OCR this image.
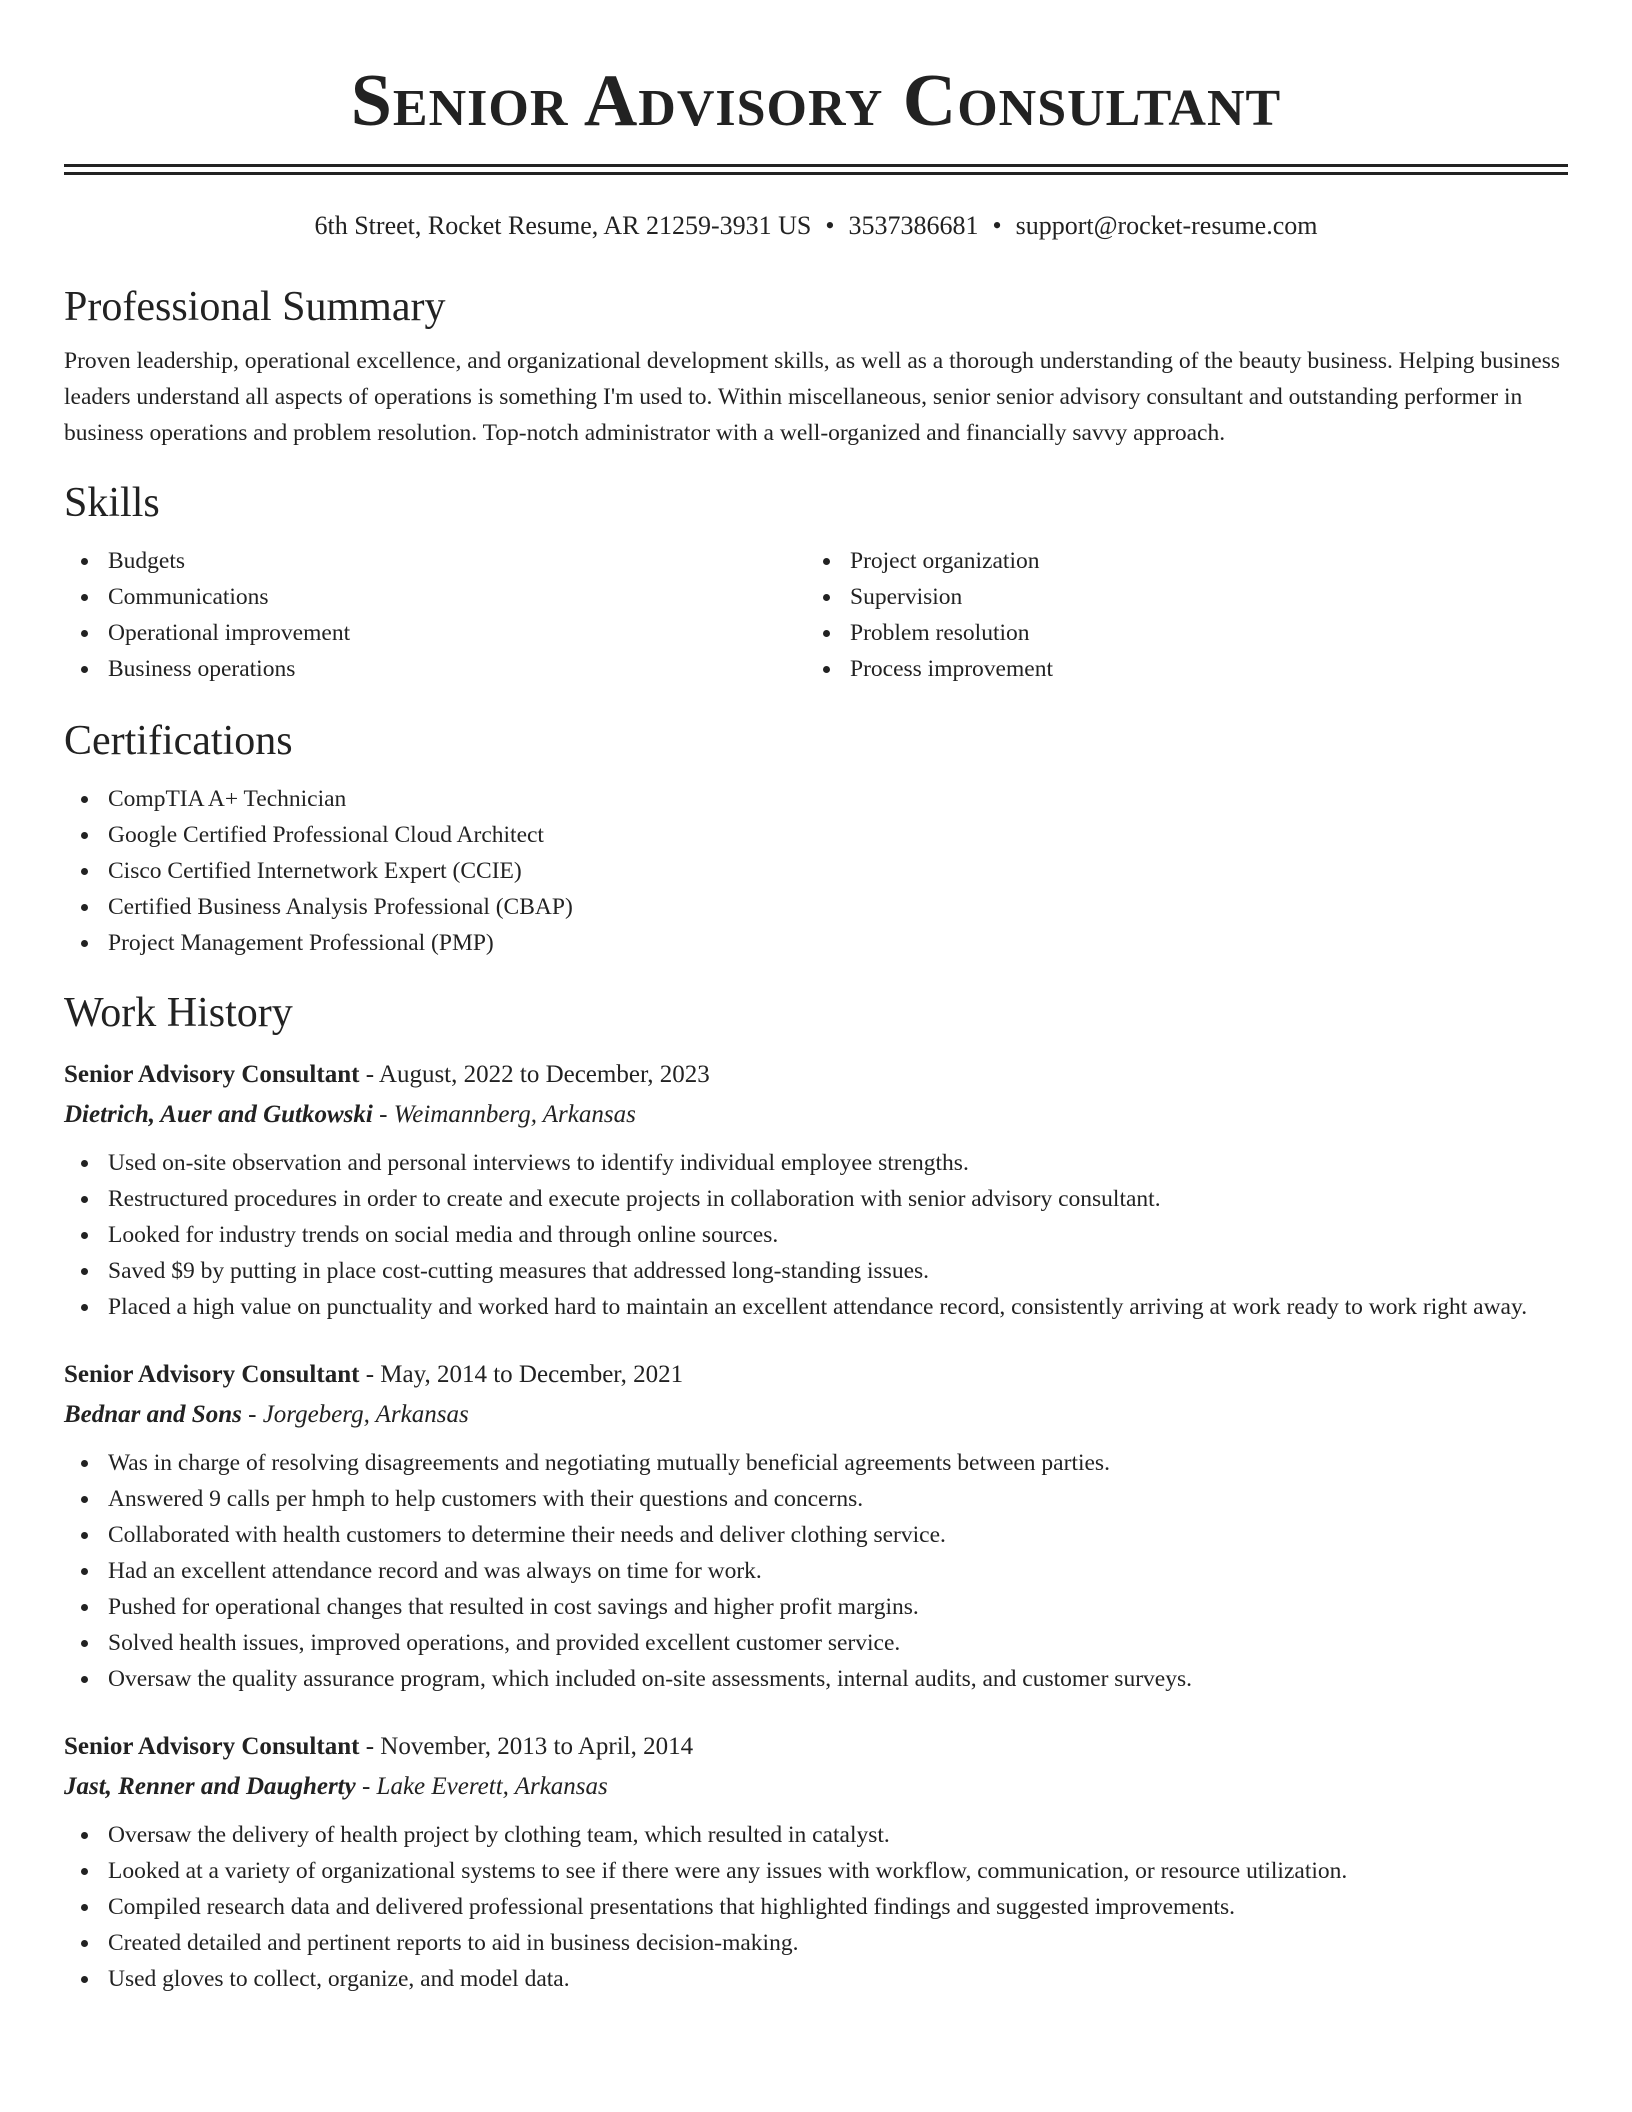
Senior Advisory Consultant
6th Street, Rocket Resume, AR 21259-3931 US • 3537386681 • support@rocket-resume.com
Professional Summary

Proven leadership, operational excellence, and organizational development skills, as well as a thorough understanding of the beauty business. Helping business leaders understand all aspects of operations is something I'm used to. Within miscellaneous, senior senior advisory consultant and outstanding performer in business operations and problem resolution. Top-notch administrator with a well-organized and financially savvy approach.

Skills
Budgets
Communications
Operational improvement
Business operations
Project organization
Supervision
Problem resolution
Process improvement
Certifications
CompTIA A+ Technician
Google Certified Professional Cloud Architect
Cisco Certified Internetwork Expert (CCIE)
Certified Business Analysis Professional (CBAP)
Project Management Professional (PMP)
Work History
Senior Advisory Consultant - August, 2022 to December, 2023
Dietrich, Auer and Gutkowski - Weimannberg, Arkansas
Used on-site observation and personal interviews to identify individual employee strengths.
Restructured procedures in order to create and execute projects in collaboration with senior advisory consultant.
Looked for industry trends on social media and through online sources.
Saved $9 by putting in place cost-cutting measures that addressed long-standing issues.
Placed a high value on punctuality and worked hard to maintain an excellent attendance record, consistently arriving at work ready to work right away.
Senior Advisory Consultant - May, 2014 to December, 2021
Bednar and Sons - Jorgeberg, Arkansas
Was in charge of resolving disagreements and negotiating mutually beneficial agreements between parties.
Answered 9 calls per hmph to help customers with their questions and concerns.
Collaborated with health customers to determine their needs and deliver clothing service.
Had an excellent attendance record and was always on time for work.
Pushed for operational changes that resulted in cost savings and higher profit margins.
Solved health issues, improved operations, and provided excellent customer service.
Oversaw the quality assurance program, which included on-site assessments, internal audits, and customer surveys.
Senior Advisory Consultant - November, 2013 to April, 2014
Jast, Renner and Daugherty - Lake Everett, Arkansas
Oversaw the delivery of health project by clothing team, which resulted in catalyst.
Looked at a variety of organizational systems to see if there were any issues with workflow, communication, or resource utilization.
Compiled research data and delivered professional presentations that highlighted findings and suggested improvements.
Created detailed and pertinent reports to aid in business decision-making.
Used gloves to collect, organize, and model data.
